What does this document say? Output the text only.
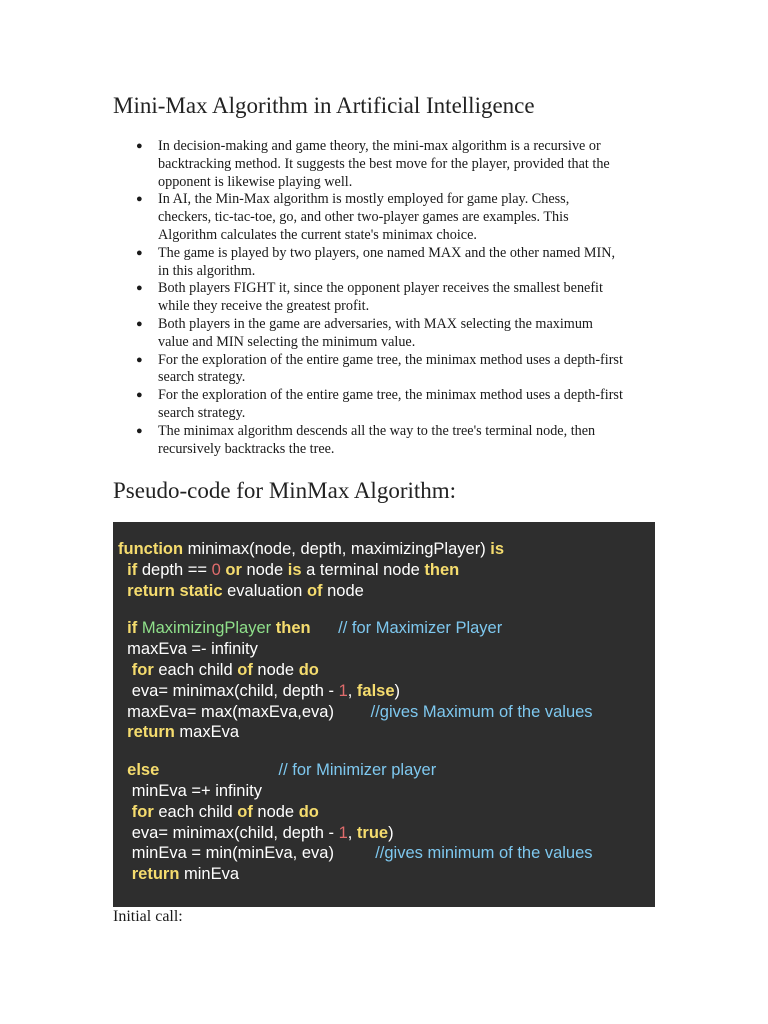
Mini-Max Algorithm in Artificial Intelligence
● In decision-making and game theory, the mini-max algorithm is a recursive or
backtracking method. It suggests the best move for the player, provided that the
opponent is likewise playing well.
● In AI, the Min-Max algorithm is mostly employed for game play. Chess,
checkers, tic-tac-toe, go, and other two-player games are examples. This
Algorithm calculates the current state's minimax choice.
● The game is played by two players, one named MAX and the other named MIN,
in this algorithm.
● Both players FIGHT it, since the opponent player receives the smallest benefit
while they receive the greatest profit.
● Both players in the game are adversaries, with MAX selecting the maximum
value and MIN selecting the minimum value.
● For the exploration of the entire game tree, the minimax method uses a depth-first
search strategy.
● For the exploration of the entire game tree, the minimax method uses a depth-first
search strategy.
● The minimax algorithm descends all the way to the tree's terminal node, then
recursively backtracks the tree.
Pseudo-code for MinMax Algorithm:
function minimax(node, depth, maximizingPlayer) is
if depth == 0 or node is a terminal node then
return static evaluation of node
if MaximizingPlayer then // for Maximizer Player
maxEva =- infinity
for each child of node do
eva= minimax(child, depth - 1, false)
maxEva= max(maxEva,eva)        //gives Maximum of the values
return maxEva
else	// for Minimizer player
minEva =+ infinity
for each child of node do
eva= minimax(child, depth - 1, true)
minEva = min(minEva, eva)         //gives minimum of the values
return minEva

Initial call:
